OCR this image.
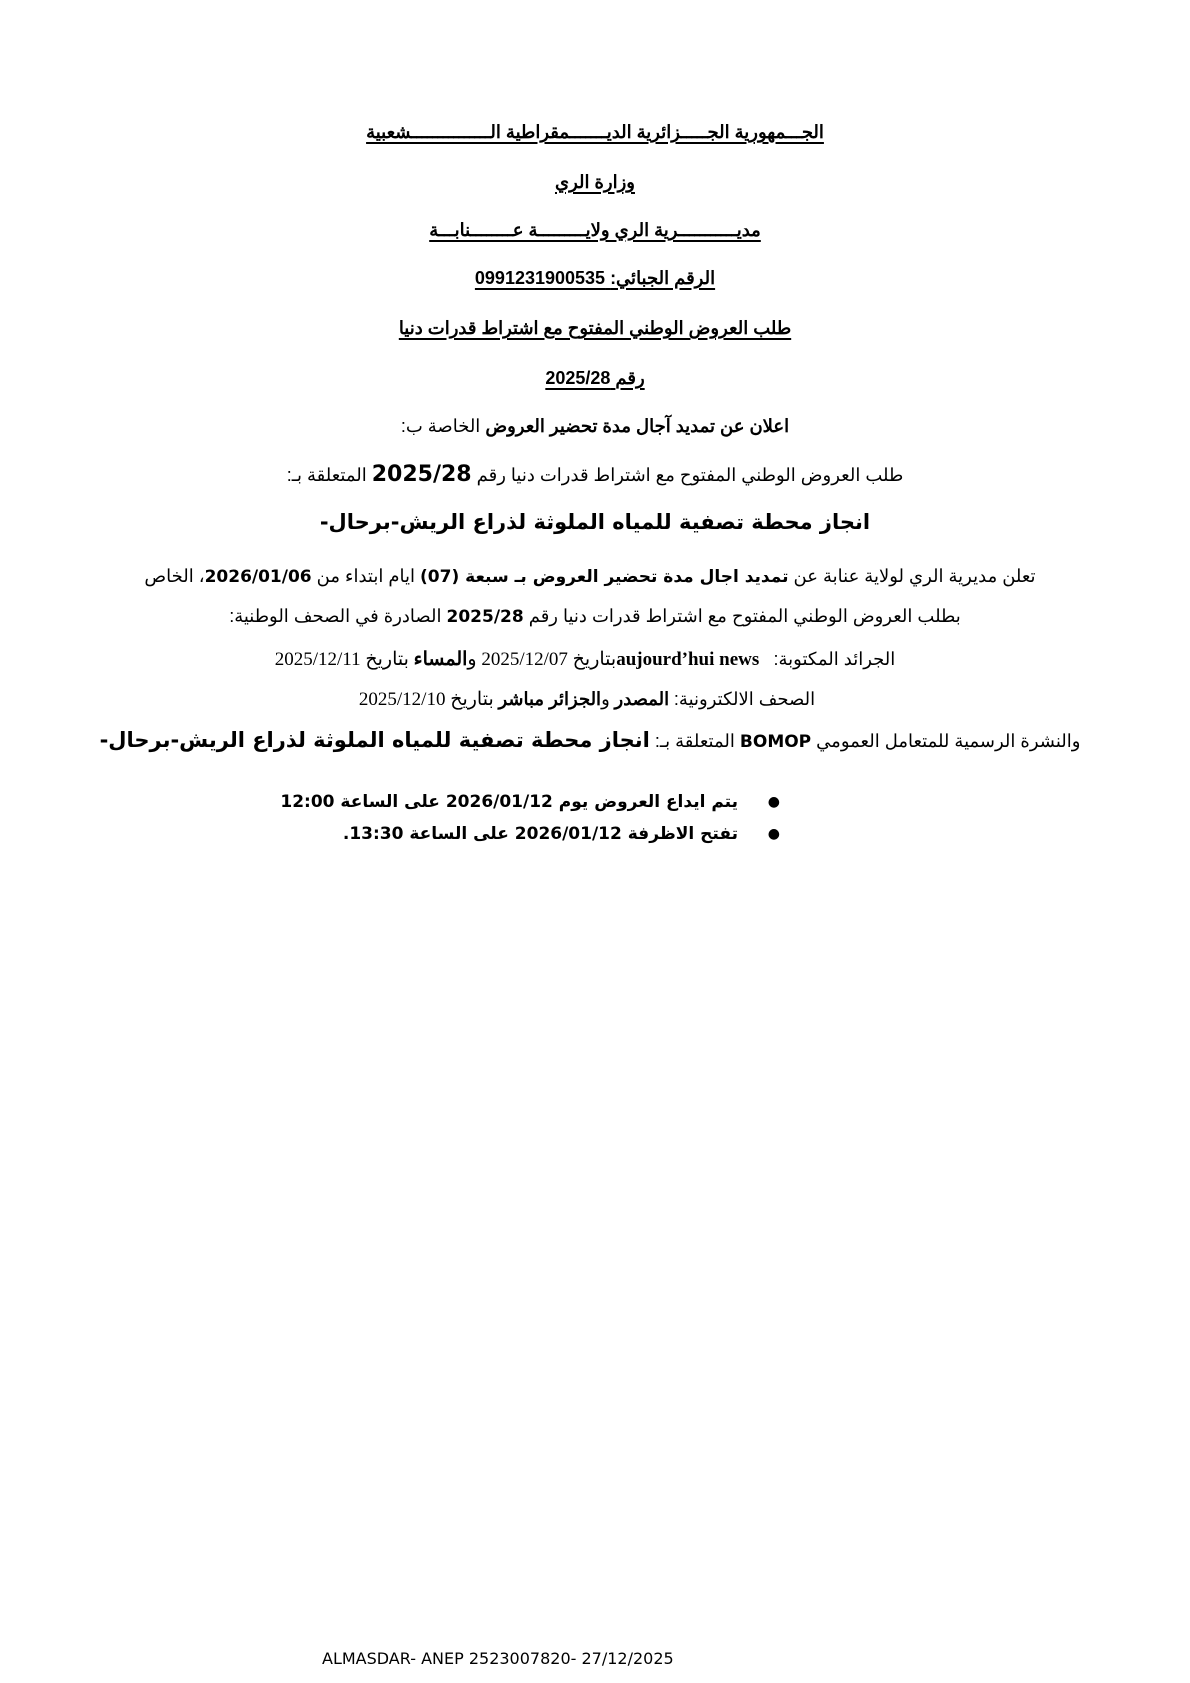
الجـــمهورية الجـــــزائرية الديـــــــمقراطية الـــــــــــــــشعبية
وزارة الري
مديـــــــــــرية الري ولايـــــــــة عــــــــنابـــة
الرقم الجبائي: 0991231900535
طلب العروض الوطني المفتوح مع اشتراط قدرات دنيا
رقم 2025/28
اعلان عن تمديد آجال مدة تحضير العروض الخاصة ب:
طلب العروض الوطني المفتوح مع اشتراط قدرات دنيا رقم 2025/28 المتعلقة بـ:
انجاز محطة تصفية للمياه الملوثة لذراع الريش-برحال-
تعلن مديرية الري لولاية عنابة عن تمديد اجال مدة تحضير العروض بـ سبعة (07) ايام ابتداء من 2026/01/06، الخاص
بطلب العروض الوطني المفتوح مع اشتراط قدرات دنيا رقم 2025/28 الصادرة في الصحف الوطنية:
الجرائد المكتوبة:   aujourd’hui newsبتاريخ 2025/12/07 والمساء بتاريخ 2025/12/11
الصحف الالكترونية: المصدر والجزائر مباشر بتاريخ 2025/12/10
والنشرة الرسمية للمتعامل العمومي BOMOP المتعلقة بـ: انجاز محطة تصفية للمياه الملوثة لذراع الريش-برحال-
●
يتم ايداع العروض يوم 2026/01/12 على الساعة 12:00
●
تفتح الاظرفة 2026/01/12 على الساعة 13:30.
ALMASDAR- ANEP 2523007820- 27/12/2025
